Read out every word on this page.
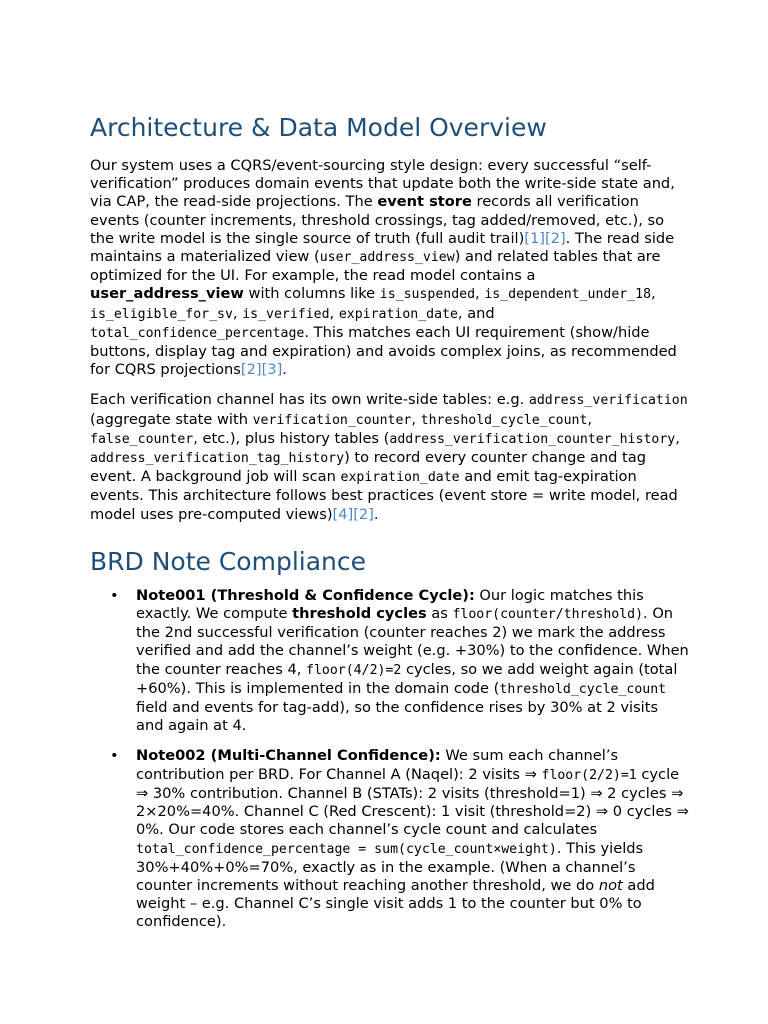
Architecture & Data Model Overview

Our system uses a CQRS/event-sourcing style design: every successful “self-verification” produces domain events that update both the write-side state and, via CAP, the read-side projections. The event store records all verification events (counter increments, threshold crossings, tag added/removed, etc.), so the write model is the single source of truth (full audit trail)[1][2]. The read side maintains a materialized view (user_address_view) and related tables that are optimized for the UI. For example, the read model contains a user_address_view with columns like is_suspended, is_dependent_under_18, is_eligible_for_sv, is_verified, expiration_date, and total_confidence_percentage. This matches each UI requirement (show/hide buttons, display tag and expiration) and avoids complex joins, as recommended for CQRS projections[2][3].

Each verification channel has its own write-side tables: e.g. address_verification (aggregate state with verification_counter, threshold_cycle_count, false_counter, etc.), plus history tables (address_verification_counter_history, address_verification_tag_history) to record every counter change and tag event. A background job will scan expiration_date and emit tag-expiration events. This architecture follows best practices (event store = write model, read model uses pre-computed views)[4][2].

BRD Note Compliance
• Note001 (Threshold & Confidence Cycle): Our logic matches this exactly. We compute threshold cycles as floor(counter/threshold). On the 2nd successful verification (counter reaches 2) we mark the address verified and add the channel’s weight (e.g. +30%) to the confidence. When the counter reaches 4, floor(4/2)=2 cycles, so we add weight again (total +60%). This is implemented in the domain code (threshold_cycle_count field and events for tag-add), so the confidence rises by 30% at 2 visits and again at 4.
• Note002 (Multi-Channel Confidence): We sum each channel’s contribution per BRD. For Channel A (Naqel): 2 visits ⇒ floor(2/2)=1 cycle ⇒ 30% contribution. Channel B (STATs): 2 visits (threshold=1) ⇒ 2 cycles ⇒ 2×20%=40%. Channel C (Red Crescent): 1 visit (threshold=2) ⇒ 0 cycles ⇒ 0%. Our code stores each channel’s cycle count and calculates total_confidence_percentage = sum(cycle_count×weight). This yields 30%+40%+0%=70%, exactly as in the example. (When a channel’s counter increments without reaching another threshold, we do not add weight – e.g. Channel C’s single visit adds 1 to the counter but 0% to confidence).
